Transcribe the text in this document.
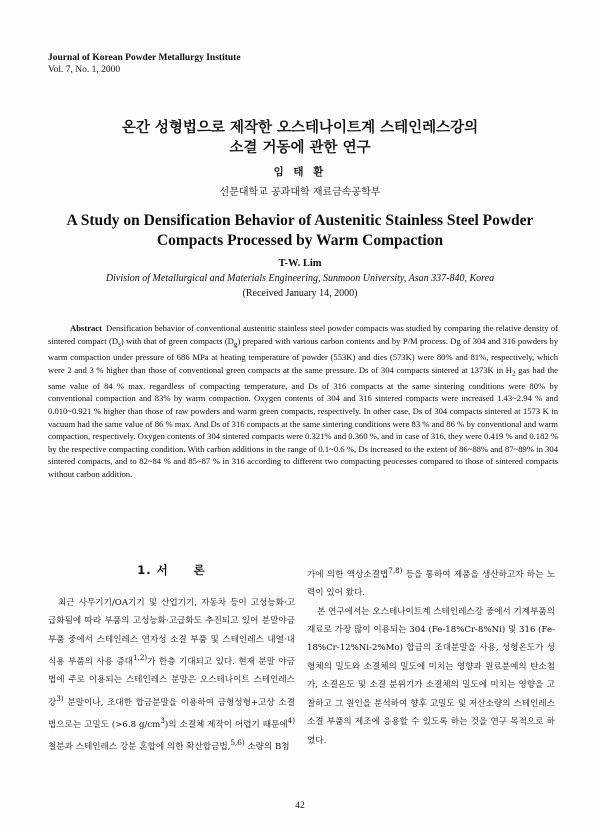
Journal of Korean Powder Metallurgy Institute
Vol. 7, No. 1, 2000
온간 성형법으로 제작한 오스테나이트계 스테인레스강의
소결 거동에 관한 연구
임 태 환
선문대학교 공과대학 재료금속공학부
A Study on Densification Behavior of Austenitic Stainless Steel Powder
Compacts Processed by Warm Compaction
T-W. Lim
Division of Metallurgical and Materials Engineering, Sunmoon University, Asan 337-840, Korea
(Received January 14, 2000)

Abstract Densification behavior of conventional austenitic stainless steel powder compacts was studied by comparing the relative density of sintered compact $(D_s)$ with that of green compacts $(D_g)$ prepared with various carbon contents and by P/M process. Dg of 304 and 316 powders by warm compaction under pressure of 686 MPa at heating temperature of powder (553K) and dies (573K) were 80% and 81%, respectively, which were 2 and 3 % higher than those of conventional green compacts at the same pressure. Ds of 304 compacts sintered at 1373K in $H_2$ gas had the same value of 84 % max. regardless of compacting temperature, and Ds of 316 compacts at the same sintering conditions were 80% by conventional compaction and 83% by warm compaction. Oxygen contents of 304 and 316 sintered compacts were increased 1.43~2.94 % and 0.010~0.921 % higher than those of raw powders and warm green compacts, respectively. In other case, Ds of 304 compacts sintered at 1573 K in vacuum had the same value of 86 % max. And Ds of 316 compacts at the same sintering conditions were 83 % and 86 % by conventional and warm compaction, respectively. Oxygen contents of 304 sintered compacts were 0.321% and 0.360 %, and in case of 316, they were 0.419 % and 0.182 % by the respective compacting condition. With carbon additions in the range of 0.1~0.6 %, Ds increased to the extent of 86~88% and 87~89% in 304 sintered compacts, and to 82~84 % and 85~87 % in 316 according to different two compacting peocesses compared to those of sintered compacts without carbon addition.

1. 서　　론

최근 사무기기/OA기기 및 산업기기, 자동차 등이 고성능화·고급화됨에 따라 부품의 고성능화·고급화도 추진되고 있어 분말야금 부품 중에서 스테인레스 연자성 소결 부품 및 스테인레스 내열·내식용 부품의 사용 증대$^{1,2)}$가 한층 기대되고 있다. 현재 분말 야금법에 주로 이용되는 스테인레스 분말은 오스테나이트 스테인레스강$^{3)}$ 분말이나, 조대한 합금분말을 이용하여 금형성형+고상 소결법으로는 고밀도 (>6.8 $g/cm^3$)의 소결체 제작이 어렵기 때문에$^{4)}$ 철분과 스테인레스 강분 혼합에 의한 확산합금법,$^{5,6)}$ 소량의 B첨

가에 의한 액상소결법$^{7,8)}$ 등을 통하여 제품을 생산하고자 하는 노력이 있어 왔다.

본 연구에서는 오스테나이트계 스테인레스강 중에서 기계부품의 재료로 가장 많이 이용되는 304 (Fe-18%Cr-8%Ni) 및 316 (Fe-18%Cr-12%Ni-2%Mo) 합금의 조대분말을 사용, 성형온도가 성형체의 밀도와 소결체의 밀도에 미치는 영향과 원료분예의 탄소첨가, 소결온도 및 소결 분위기가 소결체의 밀도에 미치는 영향을 고찰하고 그 원인을 분석하여 향후 고밀도 및 저산소량의 스테인레스 소결 부품의 제조에 응용할 수 있도록 하는 것을 연구 목적으로 하였다.

42
